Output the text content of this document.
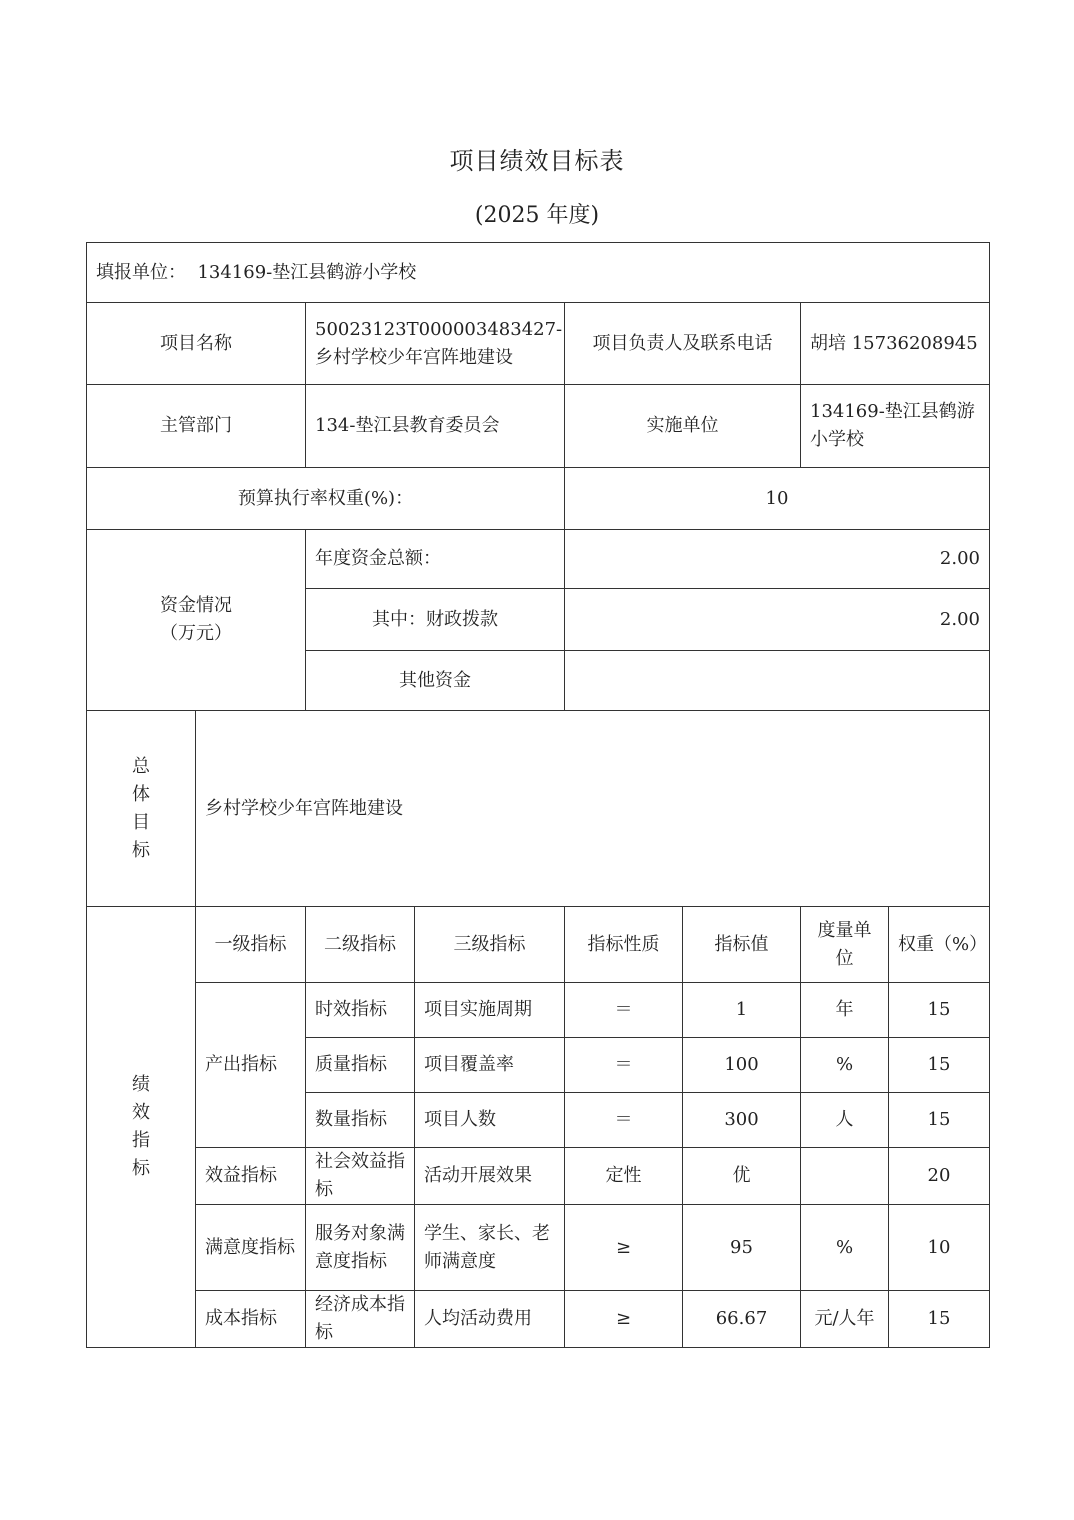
项目绩效目标表
(2025 年度)
填报单位： 134169-垫江县鹤游小学校							
项目名称		50023123T000003483427-乡村学校少年宫阵地建设		项目负责人及联系电话		胡培 15736208945	
主管部门		134-垫江县教育委员会		实施单位		134169-垫江县鹤游小学校	
预算执行率权重(%)：				10			
资金情况
（万元）		年度资金总额：		2.00			
		其中：财政拨款		2.00			
		其他资金					

总
体
目
标	乡村学校少年宫阵地建设						

绩
效
指
标	一级指标	二级指标	三级指标	指标性质	指标值	度量单位	权重（%）
	产出指标	时效指标	项目实施周期	＝	1	年	15
		质量指标	项目覆盖率	＝	100	%	15
		数量指标	项目人数	＝	300	人	15
	效益指标	社会效益指标	活动开展效果	定性	优		20
	满意度指标	服务对象满意度指标	学生、家长、老师满意度	≥	95	%	10
	成本指标	经济成本指标	人均活动费用	≥	66.67	元/人年	15
